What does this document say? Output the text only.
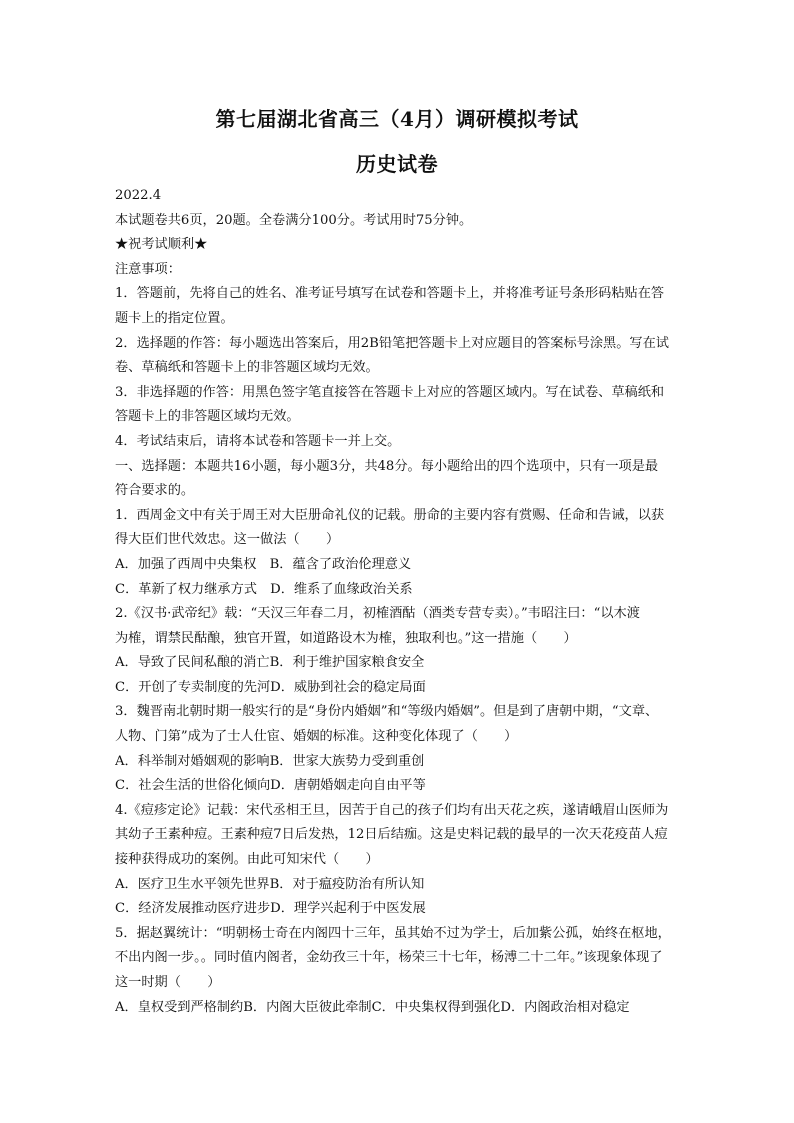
第七届湖北省高三（4月）调研模拟考试
历史试卷
2022.4
本试题卷共6页，20题。全卷满分100分。考试用时75分钟。
★祝考试顺利★
注意事项：
1．答题前，先将自己的姓名、准考证号填写在试卷和答题卡上，并将准考证号条形码粘贴在答
题卡上的指定位置。
2．选择题的作答：每小题选出答案后，用2B铅笔把答题卡上对应题目的答案标号涂黑。写在试
卷、草稿纸和答题卡上的非答题区域均无效。
3．非选择题的作答：用黑色签字笔直接答在答题卡上对应的答题区域内。写在试卷、草稿纸和
答题卡上的非答题区域均无效。
4．考试结束后，请将本试卷和答题卡一并上交。
一、选择题：本题共16小题，每小题3分，共48分。每小题给出的四个选项中，只有一项是最
符合要求的。
1．西周金文中有关于周王对大臣册命礼仪的记载。册命的主要内容有赏赐、任命和告诫，以获
得大臣们世代效忠。这一做法（　　）
A．加强了西周中央集权　B．蕴含了政治伦理意义
C．革新了权力继承方式　D．维系了血缘政治关系
2.《汉书·武帝纪》载：“天汉三年春二月，初榷酒酤（酒类专营专卖）。”韦昭注曰：“以木渡
为榷，谓禁民酤酿，独官开置，如道路设木为榷，独取利也。”这一措施（　　）
A．导致了民间私酿的消亡B．利于维护国家粮食安全
C．开创了专卖制度的先河D．威胁到社会的稳定局面
3．魏晋南北朝时期一般实行的是“身份内婚姻”和“等级内婚姻”。但是到了唐朝中期，“文章、
人物、门第”成为了士人仕宦、婚姻的标准。这种变化体现了（　　）
A．科举制对婚姻观的影响B．世家大族势力受到重创
C．社会生活的世俗化倾向D．唐朝婚姻走向自由平等
4.《痘疹定论》记载：宋代丞相王旦，因苦于自己的孩子们均有出天花之疾，遂请峨眉山医师为
其幼子王素种痘。王素种痘7日后发热，12日后结痂。这是史料记载的最早的一次天花疫苗人痘
接种获得成功的案例。由此可知宋代（　　）
A．医疗卫生水平领先世界B．对于瘟疫防治有所认知
C．经济发展推动医疗进步D．理学兴起利于中医发展
5．据赵翼统计：“明朝杨士奇在内阁四十三年，虽其始不过为学士，后加紫公孤，始终在枢地，
不出内阁一步。。同时值内阁者，金幼孜三十年，杨荣三十七年，杨溥二十二年。”该现象体现了
这一时期（　　）
A．皇权受到严格制约B．内阁大臣彼此牵制C．中央集权得到强化D．内阁政治相对稳定
